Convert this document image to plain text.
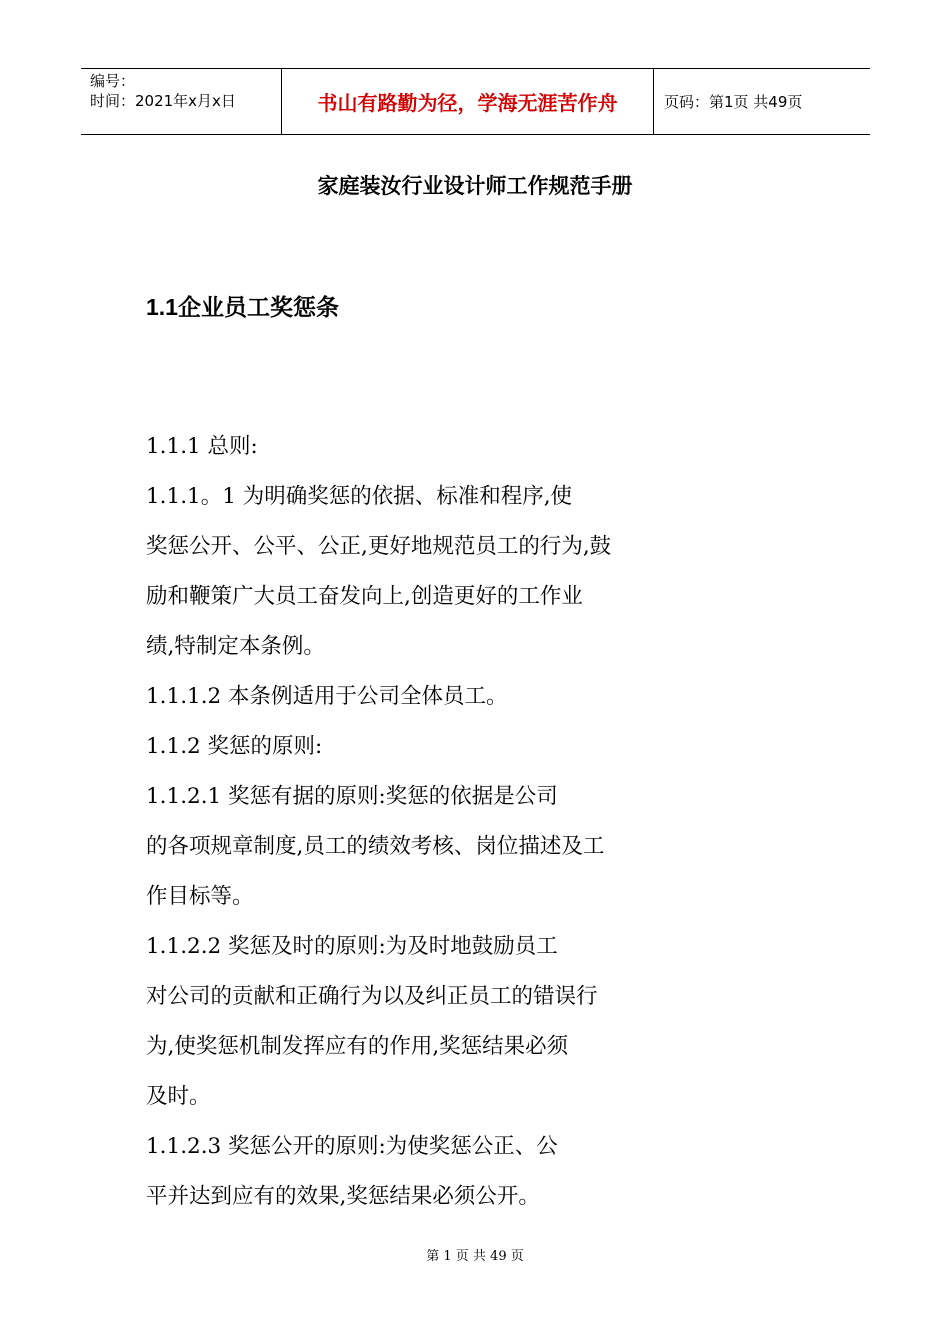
编号：
时间：2021年x月x日	书山有路勤为径，学海无涯苦作舟	页码：第1页 共49页
家庭装汝行业设计师工作规范手册
1.1企业员工奖惩条
1.1.1 总则:
1.1.1。1 为明确奖惩的依据、标准和程序,使
奖惩公开、公平、公正,更好地规范员工的行为,鼓
励和鞭策广大员工奋发向上,创造更好的工作业
绩,特制定本条例。
1.1.1.2 本条例适用于公司全体员工。
1.1.2 奖惩的原则:
1.1.2.1 奖惩有据的原则:奖惩的依据是公司
的各项规章制度,员工的绩效考核、岗位描述及工
作目标等。
1.1.2.2 奖惩及时的原则:为及时地鼓励员工
对公司的贡献和正确行为以及纠正员工的错误行
为,使奖惩机制发挥应有的作用,奖惩结果必须
及时。
1.1.2.3 奖惩公开的原则:为使奖惩公正、公
平并达到应有的效果,奖惩结果必须公开。
第 1 页 共 49 页
